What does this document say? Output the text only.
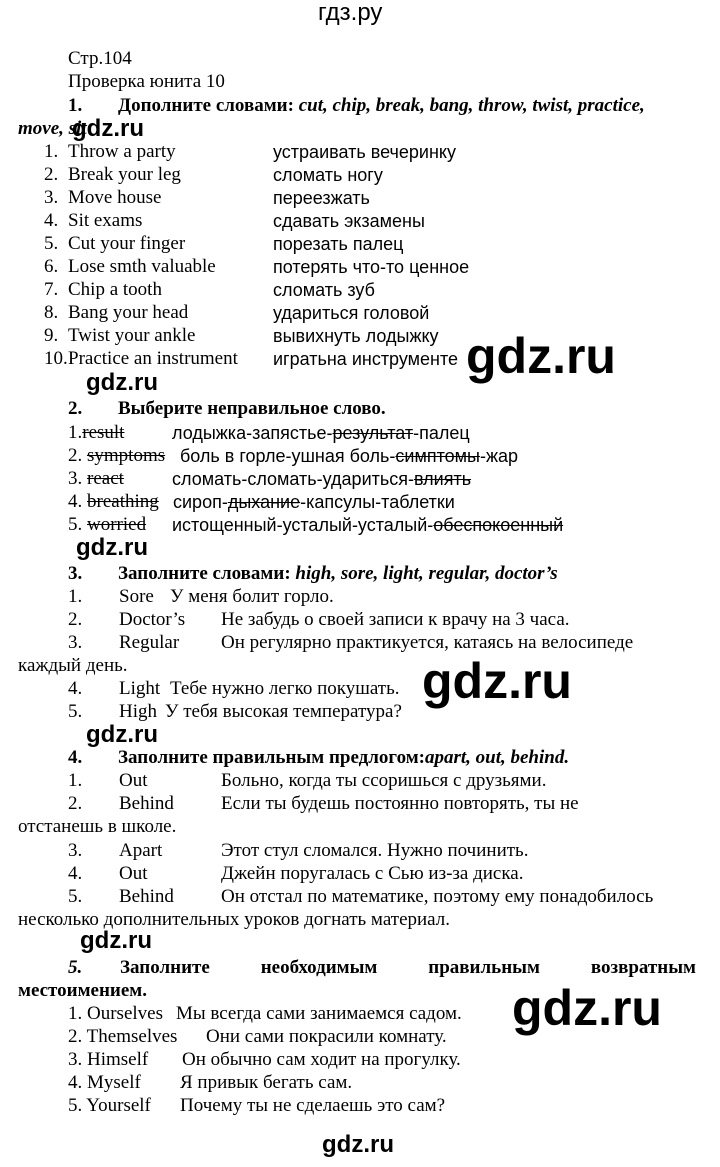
гдз.ру
Стр.104
Проверка юнита 10
1. Дополните словами: cut, chip, break, bang, throw, twist, practice,
move, sit
1. Throw a party	устраивать вечеринку
2. Break your leg	сломать ногу
3. Move house	переезжать
4. Sit exams	сдавать экзамены
5. Cut your finger	порезать палец
6. Lose smth valuable	потерять что-то ценное
7. Chip a tooth	сломать зуб
8. Bang your head	удариться головой
9. Twist your ankle	вывихнуть лодыжку
10. Practice an instrument игратьна инструменте
2. Выберите неправильное слово.
1.result	лодыжка-запястье-результат-палец
2. symptoms боль в горле-ушная боль-симптомы-жар
3. react	сломать-сломать-удариться-влиять
4. breathing сироп-дыхание-капсулы-таблетки
5. worried истощенный-усталый-усталый-обеспокоенный
3. Заполните словами: high, sore, light, regular, doctor’s
1. Sore У меня болит горло.
2. Doctor’s Не забудь о своей записи к врачу на 3 часа.
3. Regular Он регулярно практикуется, катаясь на велосипеде
каждый день.
4. Light Тебе нужно легко покушать.
5. High У тебя высокая температура?
4. Заполните правильным предлогом:apart, out, behind.
1. Out	Больно, когда ты ссоришься с друзьями.
2. Behind Если ты будешь постоянно повторять, ты не
отстанешь в школе.
3. Apart	Этот стул сломался. Нужно починить.
4. Out	Джейн поругалась с Сью из-за диска.
5. Behind Он отстал по математике, поэтому ему понадобилось
несколько дополнительных уроков догнать материал.
5. Заполните необходимым правильным возвратным
местоимением.
1. Ourselves Мы всегда сами занимаемся садом.
2. Themselves Они сами покрасили комнату.
3. Himself Он обычно сам ходит на прогулку.
4. Myself Я привык бегать сам.
5. Yourself Почему ты не сделаешь это сам?
gdz.ru
gdz.ru
gdz.ru
gdz.ru
gdz.ru
gdz.ru
gdz.ru
gdz.ru
gdz.ru
